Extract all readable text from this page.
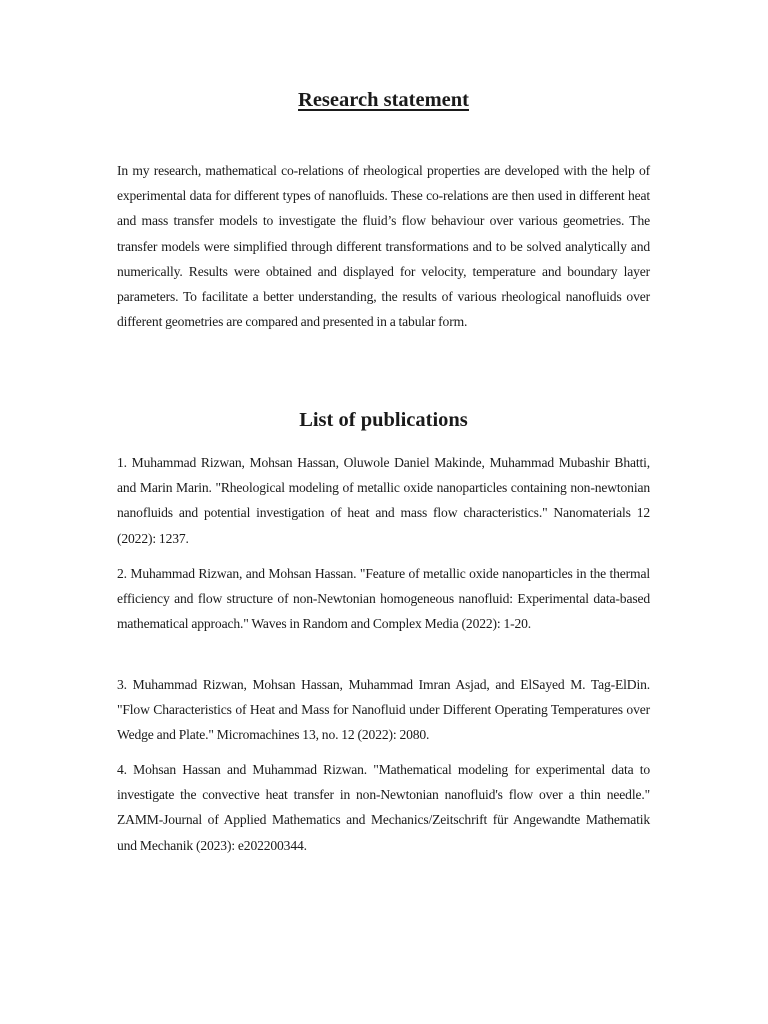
Research statement

In my research, mathematical co-relations of rheological properties are developed with the help of experimental data for different types of nanofluids. These co-relations are then used in different heat and mass transfer models to investigate the fluid’s flow behaviour over various geometries. The transfer models were simplified through different transformations and to be solved analytically and numerically. Results were obtained and displayed for velocity, temperature and boundary layer parameters. To facilitate a better understanding, the results of various rheological nanofluids over different geometries are compared and presented in a tabular form.

List of publications

1. Muhammad Rizwan, Mohsan Hassan, Oluwole Daniel Makinde, Muhammad Mubashir Bhatti, and Marin Marin. "Rheological modeling of metallic oxide nanoparticles containing non-newtonian nanofluids and potential investigation of heat and mass flow characteristics." Nanomaterials 12 (2022): 1237.

2. Muhammad Rizwan, and Mohsan Hassan. "Feature of metallic oxide nanoparticles in the thermal efficiency and flow structure of non-Newtonian homogeneous nanofluid: Experimental data-based mathematical approach." Waves in Random and Complex Media (2022): 1-20.

3. Muhammad Rizwan, Mohsan Hassan, Muhammad Imran Asjad, and ElSayed M. Tag-ElDin. "Flow Characteristics of Heat and Mass for Nanofluid under Different Operating Temperatures over Wedge and Plate." Micromachines 13, no. 12 (2022): 2080.

4. Mohsan Hassan and Muhammad Rizwan. "Mathematical modeling for experimental data to investigate the convective heat transfer in non-Newtonian nanofluid's flow over a thin needle." ZAMM-Journal of Applied Mathematics and Mechanics/Zeitschrift für Angewandte Mathematik und Mechanik (2023): e202200344.
